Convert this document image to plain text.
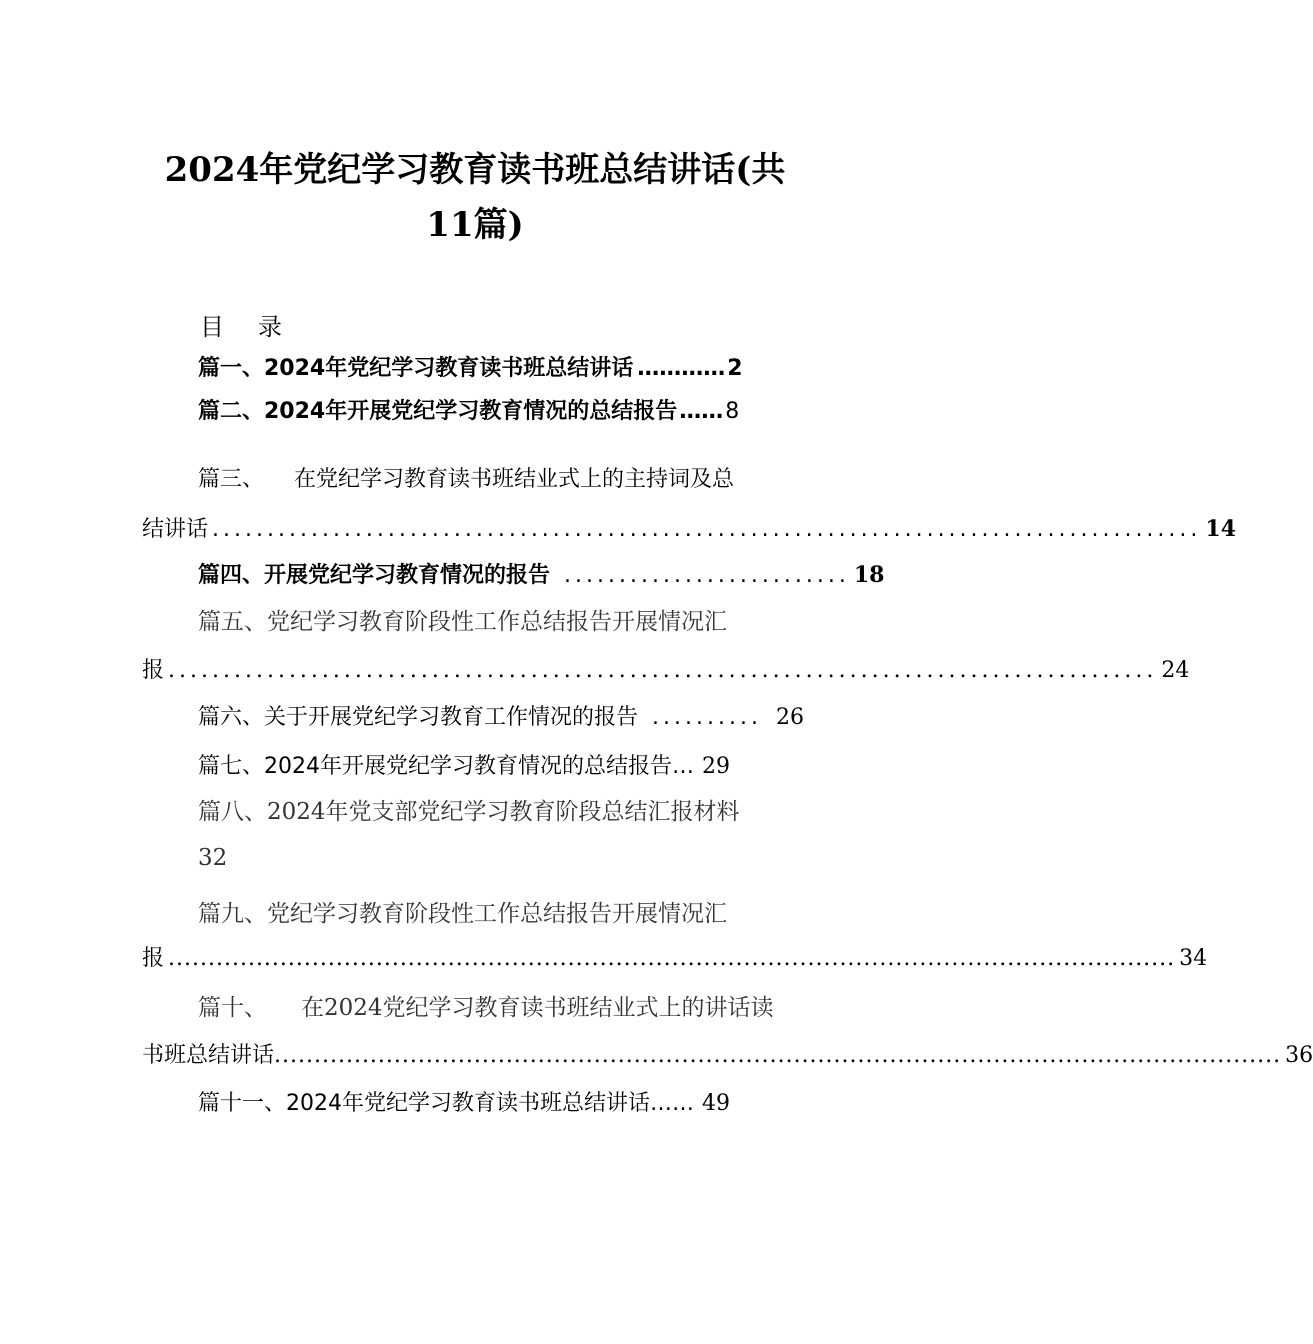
2024年党纪学习教育读书班总结讲话(共
11篇)
目 录
篇一、2024年党纪学习教育读书班总结讲话 ………… 2
篇二、2024年开展党纪学习教育情况的总结报告 …… 8
篇三、 在党纪学习教育读书班结业式上的主持词及总
结讲话 .......................................................................................... 14
篇四、开展党纪学习教育情况的报告 .......................... 18
篇五、党纪学习教育阶段性工作总结报告开展情况汇
报 .......................................................................................... 24
篇六、关于开展党纪学习教育工作情况的报告 .......... 26
篇七、2024年开展党纪学习教育情况的总结报告 … 29
篇八、2024年党支部党纪学习教育阶段总结汇报材料
32
篇九、党纪学习教育阶段性工作总结报告开展情况汇
报 .............................................................................................................................. 34
篇十、 在2024党纪学习教育读书班结业式上的讲话读
书班总结讲话 .............................................................................................................................. 36
篇十一、2024年党纪学习教育读书班总结讲话 …… 49
